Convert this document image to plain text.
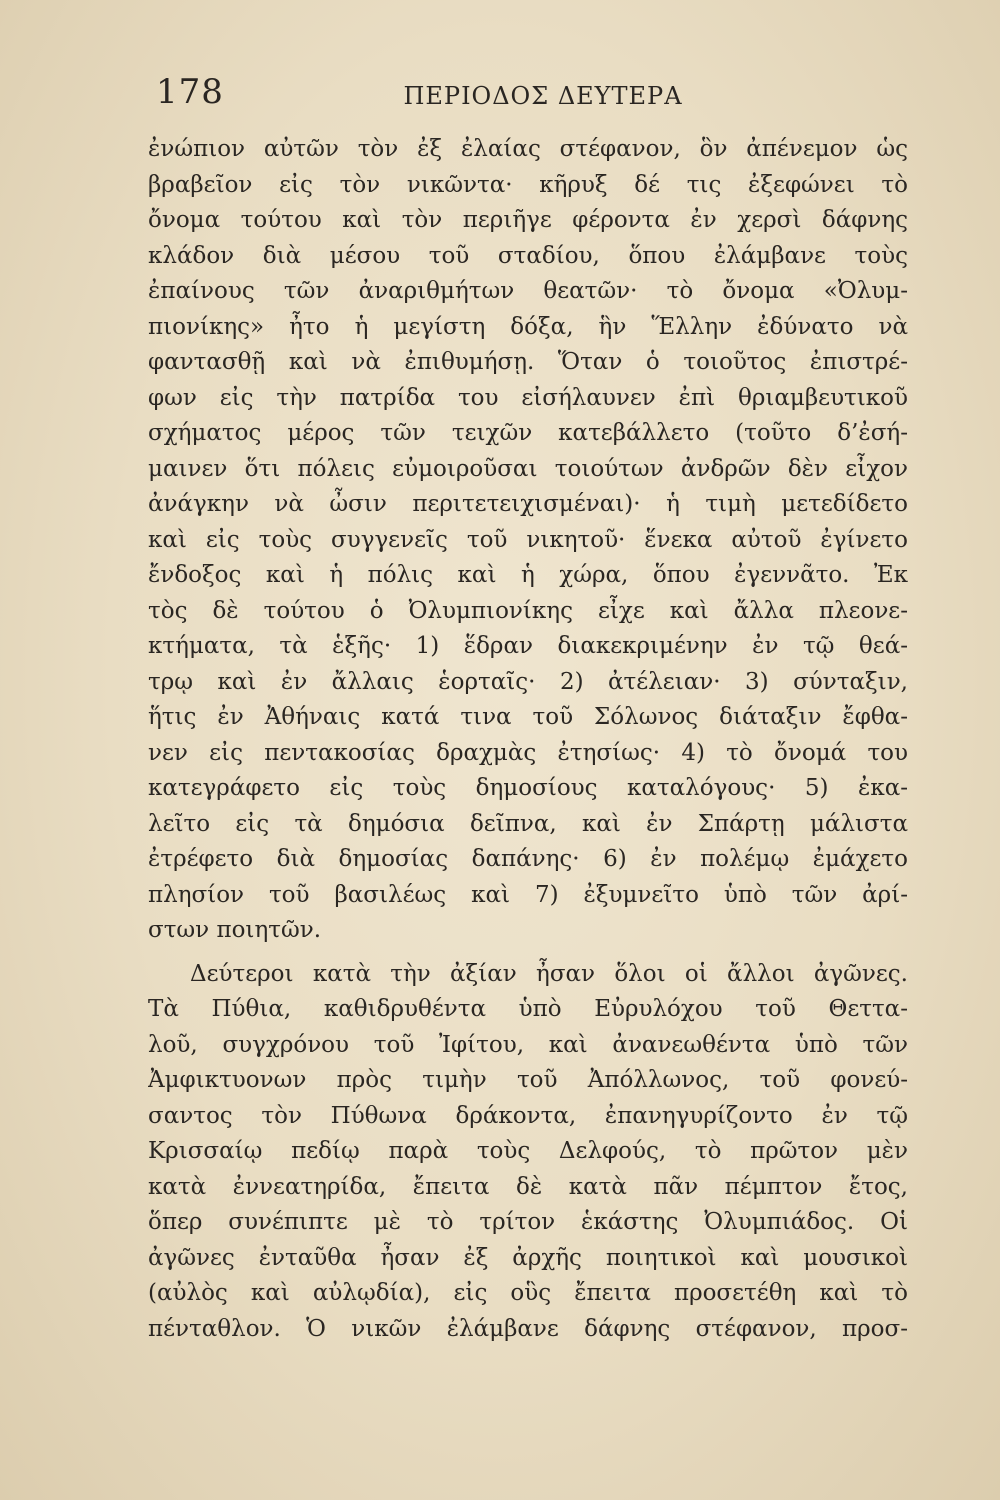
178	ΠΕΡΙΟΔΟΣ ΔΕΥΤΕΡΑ
ἐνώπιον αὐτῶν τὸν ἐξ ἐλαίας στέφανον, ὃν ἀπένεμον ὡς
βραβεῖον εἰς τὸν νικῶντα· κῆρυξ δέ τις ἐξεφώνει τὸ
ὄνομα τούτου καὶ τὸν περιῆγε φέροντα ἐν χερσὶ δάφνης
κλάδον διὰ μέσου τοῦ σταδίου, ὅπου ἐλάμβανε τοὺς
ἐπαίνους τῶν ἀναριθμήτων θεατῶν· τὸ ὄνομα «Ὀλυμ-
πιονίκης» ἦτο ἡ μεγίστη δόξα, ἣν Ἕλλην ἐδύνατο νὰ
φαντασθῇ καὶ νὰ ἐπιθυμήσῃ. Ὅταν ὁ τοιοῦτος ἐπιστρέ-
φων εἰς τὴν πατρίδα του εἰσήλαυνεν ἐπὶ θριαμβευτικοῦ
σχήματος μέρος τῶν τειχῶν κατεβάλλετο (τοῦτο δ’ἐσή-
μαινεν ὅτι πόλεις εὐμοιροῦσαι τοιούτων ἀνδρῶν δὲν εἶχον
ἀνάγκην νὰ ὦσιν περιτετειχισμέναι)· ἡ τιμὴ μετεδίδετο
καὶ εἰς τοὺς συγγενεῖς τοῦ νικητοῦ· ἕνεκα αὐτοῦ ἐγίνετο
ἔνδοξος καὶ ἡ πόλις καὶ ἡ χώρα, ὅπου ἐγεννᾶτο. Ἐκ
τὸς δὲ τούτου ὁ Ὀλυμπιονίκης εἶχε καὶ ἄλλα πλεονε-
κτήματα, τὰ ἑξῆς· 1) ἕδραν διακεκριμένην ἐν τῷ θεά-
τρῳ καὶ ἐν ἄλλαις ἑορταῖς· 2) ἀτέλειαν· 3) σύνταξιν,
ἥτις ἐν Ἀθήναις κατά τινα τοῦ Σόλωνος διάταξιν ἔφθα-
νεν εἰς πεντακοσίας δραχμὰς ἐτησίως· 4) τὸ ὄνομά του
κατεγράφετο εἰς τοὺς δημοσίους καταλόγους· 5) ἐκα-
λεῖτο εἰς τὰ δημόσια δεῖπνα, καὶ ἐν Σπάρτῃ μάλιστα
ἐτρέφετο διὰ δημοσίας δαπάνης· 6) ἐν πολέμῳ ἐμάχετο
πλησίον τοῦ βασιλέως καὶ 7) ἐξυμνεῖτο ὑπὸ τῶν ἀρί-
στων ποιητῶν.
Δεύτεροι κατὰ τὴν ἀξίαν ἦσαν ὅλοι οἱ ἄλλοι ἀγῶνες.
Τὰ Πύθια, καθιδρυθέντα ὑπὸ Εὐρυλόχου τοῦ Θεττα-
λοῦ, συγχρόνου τοῦ Ἰφίτου, καὶ ἀνανεωθέντα ὑπὸ τῶν
Ἀμφικτυονων πρὸς τιμὴν τοῦ Ἀπόλλωνος, τοῦ φονεύ-
σαντος τὸν Πύθωνα δράκοντα, ἐπανηγυρίζοντο ἐν τῷ
Κρισσαίῳ πεδίῳ παρὰ τοὺς Δελφούς, τὸ πρῶτον μὲν
κατὰ ἐννεατηρίδα, ἔπειτα δὲ κατὰ πᾶν πέμπτον ἔτος,
ὅπερ συνέπιπτε μὲ τὸ τρίτον ἑκάστης Ὀλυμπιάδος. Οἱ
ἀγῶνες ἐνταῦθα ἦσαν ἐξ ἀρχῆς ποιητικοὶ καὶ μουσικοὶ
(αὐλὸς καὶ αὐλῳδία), εἰς οὓς ἔπειτα προσετέθη καὶ τὸ
πένταθλον. Ὁ νικῶν ἐλάμβανε δάφνης στέφανον, προσ-
